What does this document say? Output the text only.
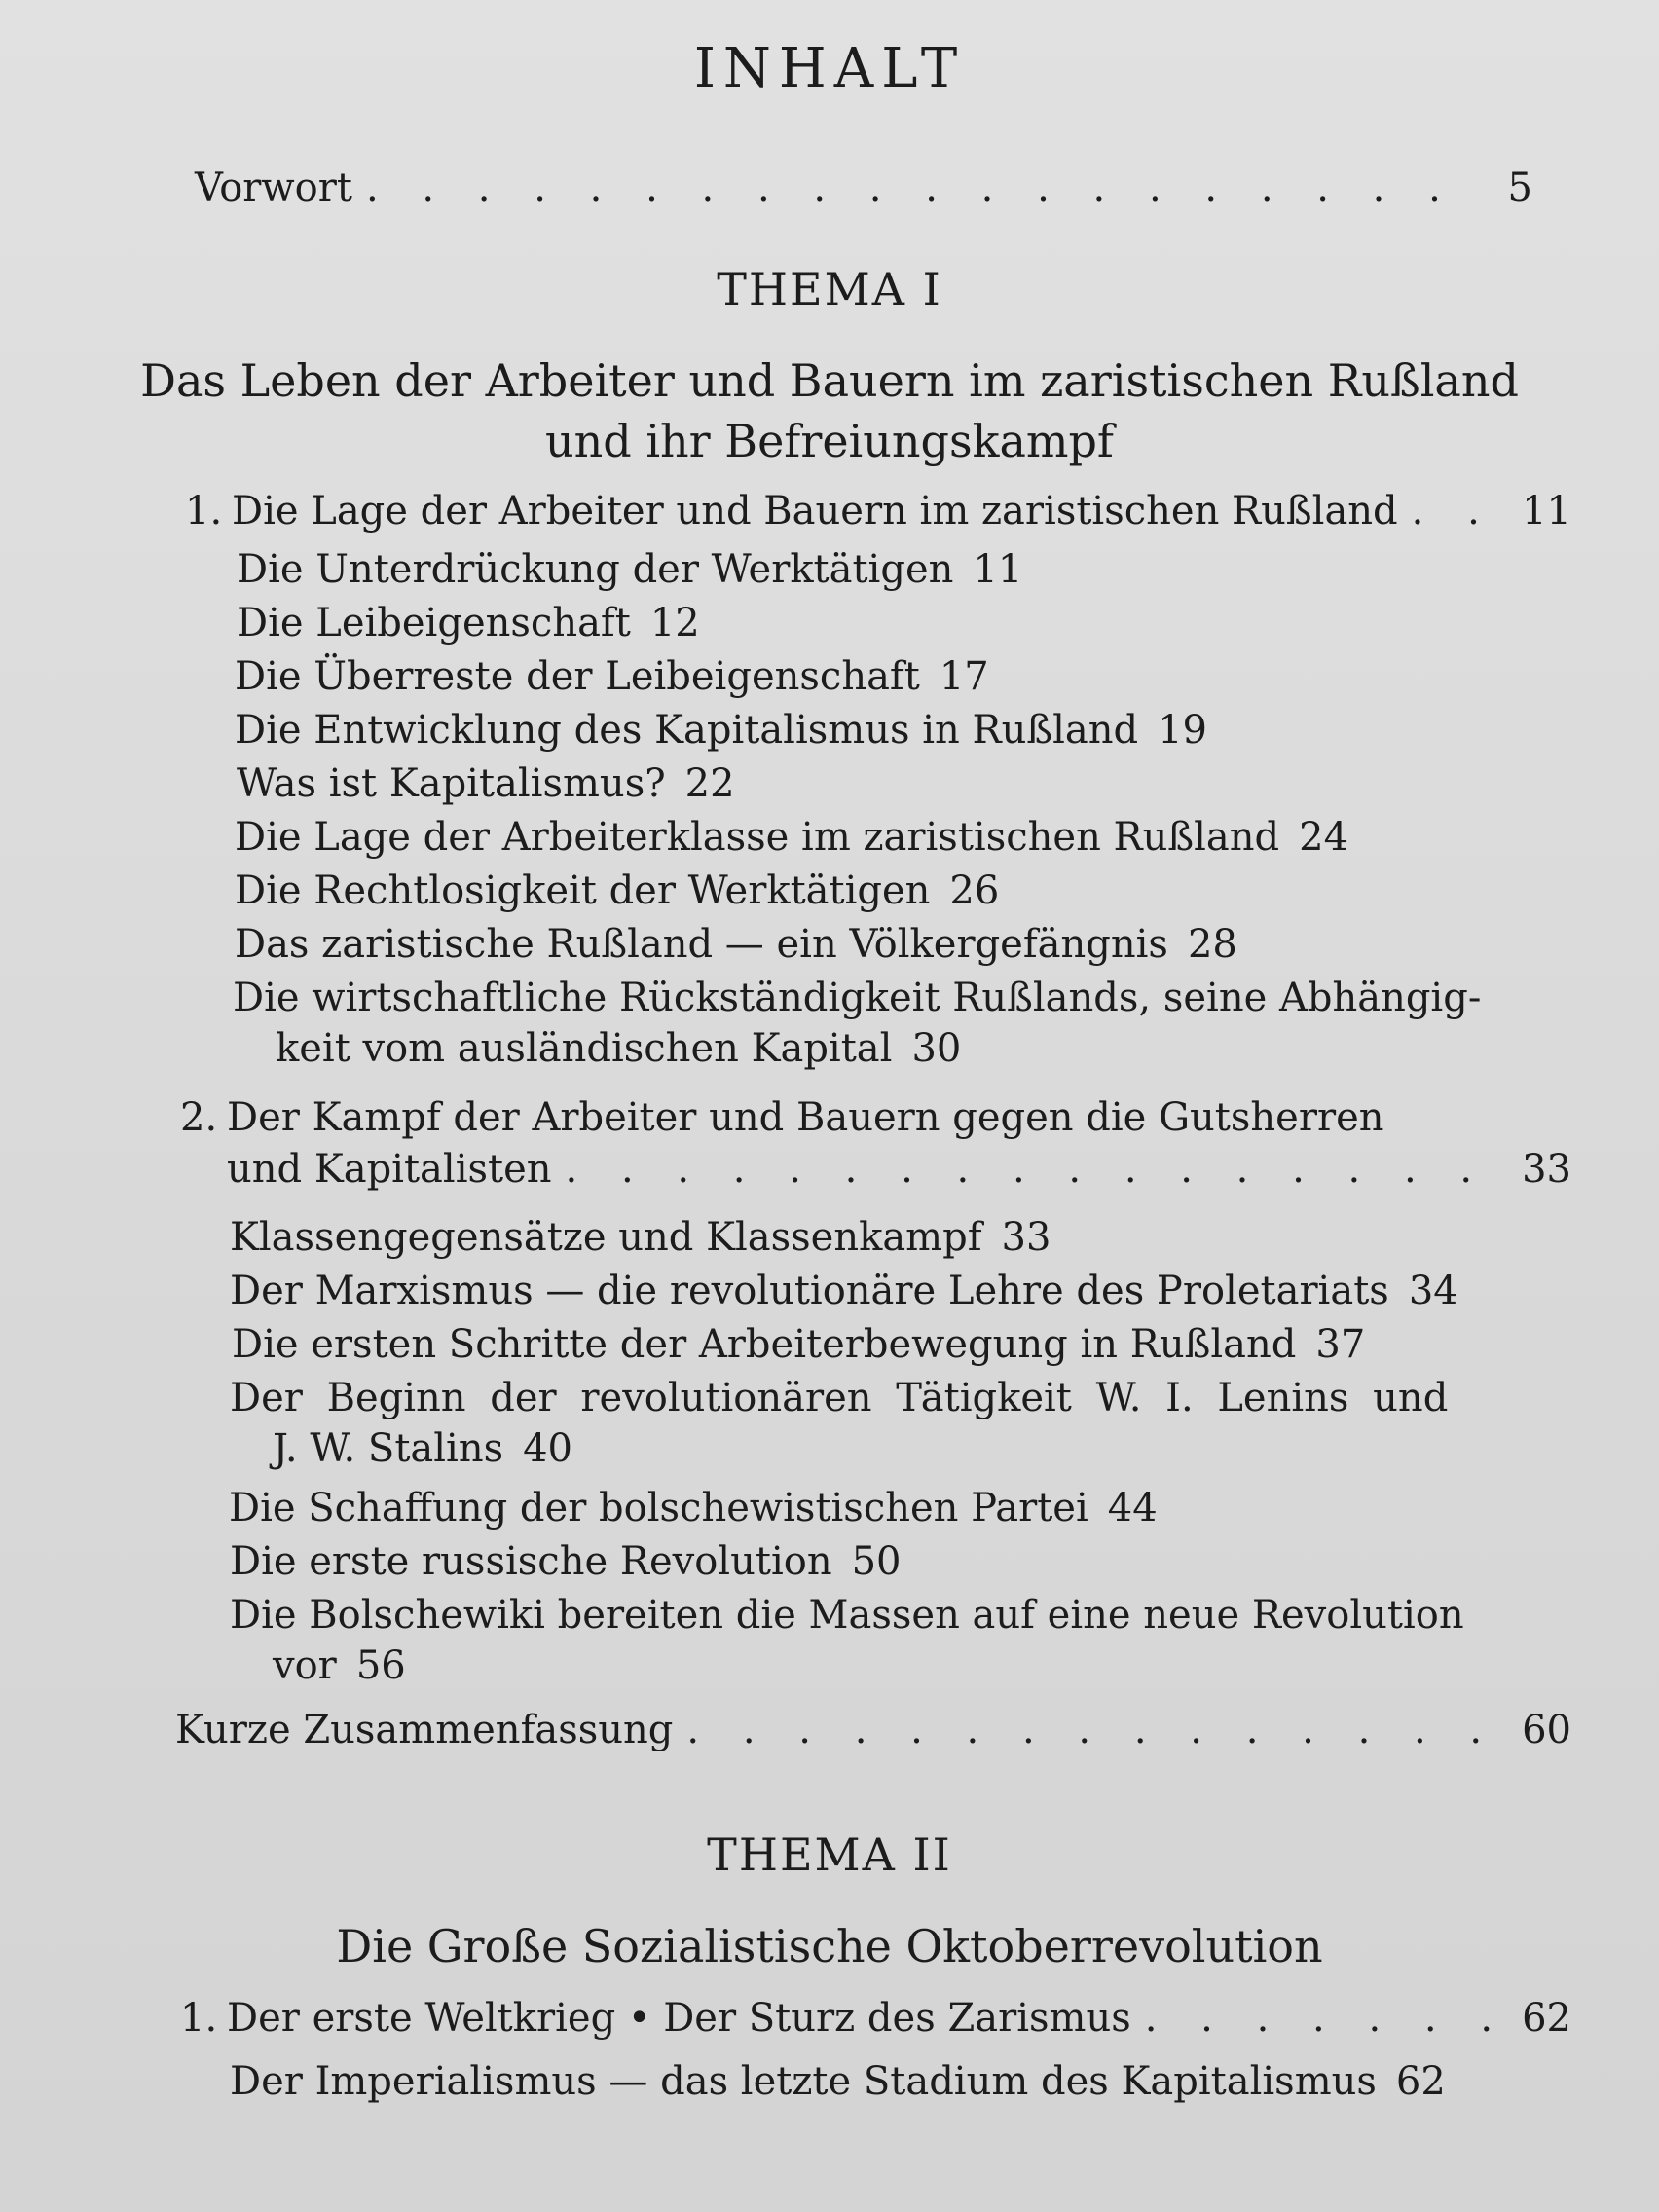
INHALT
Vorwort . . .	5
THEMA I
Das Leben der Arbeiter und Bauern im zaristischen Rußland
und ihr Befreiungskampf
1. Die Lage der Arbeiter und Bauern im zaristischen Rußland . . .	11
Die Unterdrückung der Werktätigen 11
Die Leibeigenschaft 12
Die Überreste der Leibeigenschaft 17
Die Entwicklung des Kapitalismus in Rußland 19
Was ist Kapitalismus? 22
Die Lage der Arbeiterklasse im zaristischen Rußland 24
Die Rechtlosigkeit der Werktätigen 26
Das zaristische Rußland — ein Völkergefängnis 28
Die wirtschaftliche Rückständigkeit Rußlands, seine Abhängig-
keit vom ausländischen Kapital 30
2. Der Kampf der Arbeiter und Bauern gegen die Gutsherren
und Kapitalisten . . .	33
Klassengegensätze und Klassenkampf 33
Der Marxismus — die revolutionäre Lehre des Proletariats 34
Die ersten Schritte der Arbeiterbewegung in Rußland 37
Der Beginn der revolutionären Tätigkeit W. I. Lenins und
J. W. Stalins 40
Die Schaffung der bolschewistischen Partei 44
Die erste russische Revolution 50
Die Bolschewiki bereiten die Massen auf eine neue Revolution
vor 56
Kurze Zusammenfassung . . .	60
THEMA II
Die Große Sozialistische Oktoberrevolution
1. Der erste Weltkrieg • Der Sturz des Zarismus . . .	62
Der Imperialismus — das letzte Stadium des Kapitalismus 62
